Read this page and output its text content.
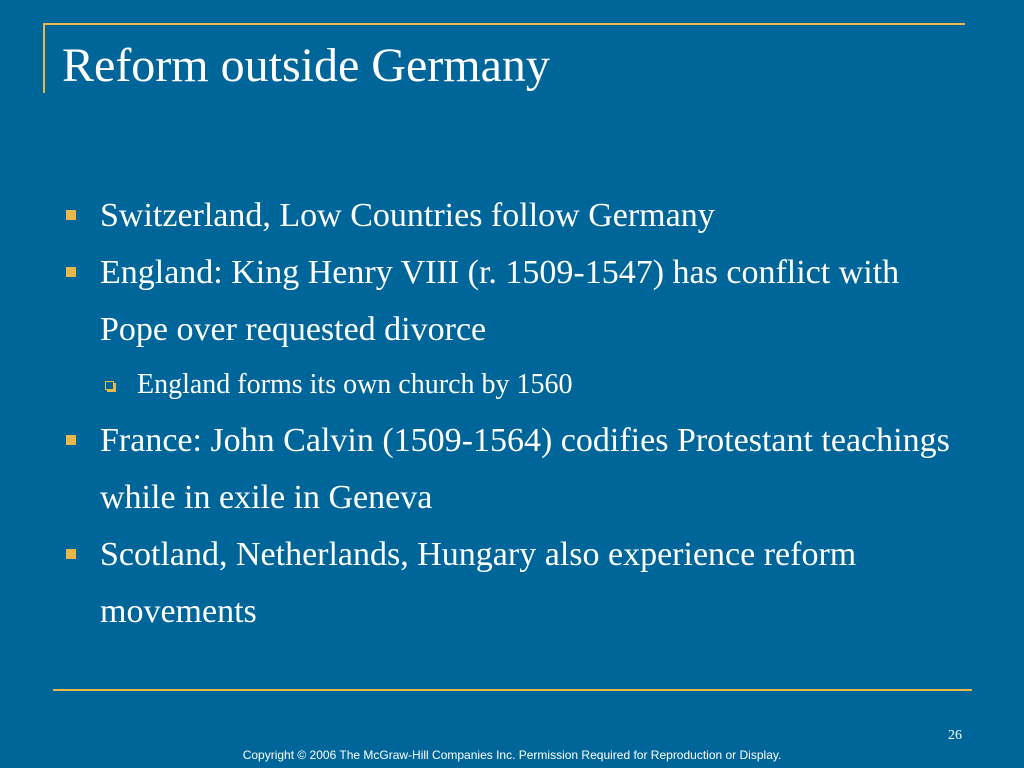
Reform outside Germany
Switzerland, Low Countries follow Germany
England: King Henry VIII (r. 1509-1547) has conflict with Pope over requested divorce
England forms its own church by 1560
France: John Calvin (1509-1564) codifies Protestant teachings while in exile in Geneva
Scotland, Netherlands, Hungary also experience reform movements
26
Copyright © 2006 The McGraw-Hill Companies Inc. Permission Required for Reproduction or Display.
